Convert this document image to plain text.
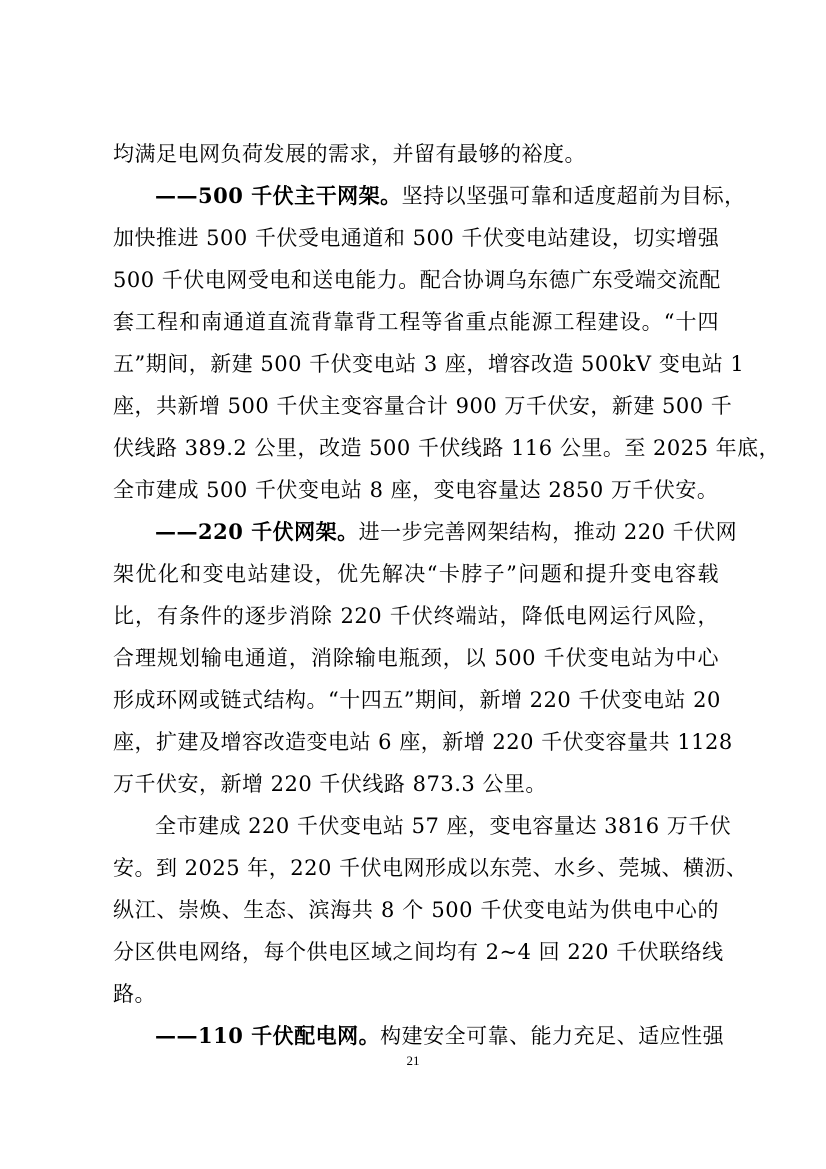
均满足电网负荷发展的需求，并留有最够的裕度。
——500 千伏主干网架。坚持以坚强可靠和适度超前为目标，
加快推进 500 千伏受电通道和 500 千伏变电站建设，切实增强
500 千伏电网受电和送电能力。配合协调乌东德广东受端交流配
套工程和南通道直流背靠背工程等省重点能源工程建设。“十四
五”期间，新建 500 千伏变电站 3 座，增容改造 500kV 变电站 1
座，共新增 500 千伏主变容量合计 900 万千伏安，新建 500 千
伏线路 389.2 公里，改造 500 千伏线路 116 公里。至 2025 年底，
全市建成 500 千伏变电站 8 座，变电容量达 2850 万千伏安。
——220 千伏网架。进一步完善网架结构，推动 220 千伏网
架优化和变电站建设，优先解决“卡脖子”问题和提升变电容载
比，有条件的逐步消除 220 千伏终端站，降低电网运行风险，
合理规划输电通道，消除输电瓶颈，以 500 千伏变电站为中心
形成环网或链式结构。“十四五”期间，新增 220 千伏变电站 20
座，扩建及增容改造变电站 6 座，新增 220 千伏变容量共 1128
万千伏安，新增 220 千伏线路 873.3 公里。
全市建成 220 千伏变电站 57 座，变电容量达 3816 万千伏
安。到 2025 年，220 千伏电网形成以东莞、水乡、莞城、横沥、
纵江、崇焕、生态、滨海共 8 个 500 千伏变电站为供电中心的
分区供电网络，每个供电区域之间均有 2~4 回 220 千伏联络线
路。
——110 千伏配电网。构建安全可靠、能力充足、适应性强
21
